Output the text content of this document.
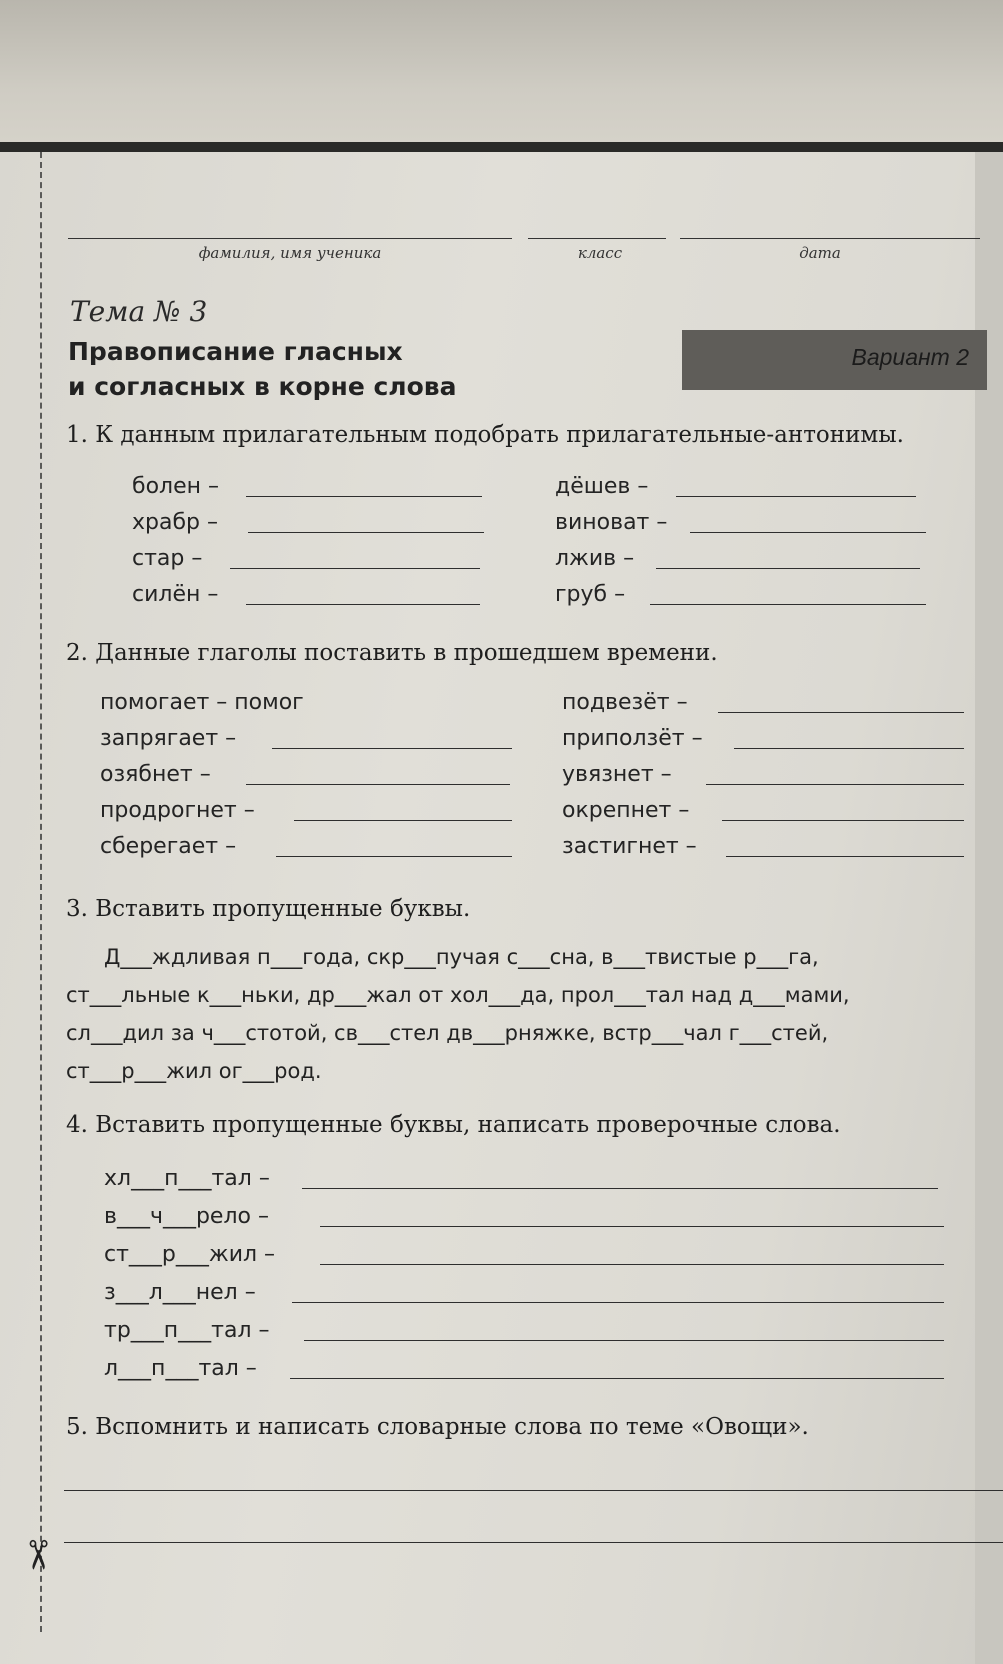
✂
фамилия, имя ученика	класс	дата
Тема № 3
Правописание гласных
и согласных в корне слова
Вариант 2
1. К данным прилагательным подобрать прилагательные-антонимы.
болен –
храбр –
стар –
силён –
дёшев –
виноват –
лжив –
груб –
2. Данные глаголы поставить в прошедшем времени.
помогает – помог
запрягает –
озябнет –
продрогнет –
сберегает –
подвезёт –
приползёт –
увязнет –
окрепнет –
застигнет –
3. Вставить пропущенные буквы.
Д___ждливая п___года, скр___пучая с___сна, в___твистые р___га,
ст___льные к___ньки, др___жал от хол___да, прол___тал над д___мами,
сл___дил за ч___стотой, св___стел дв___рняжке, встр___чал г___стей,
ст___р___жил ог___род.
4. Вставить пропущенные буквы, написать проверочные слова.
хл___п___тал –
в___ч___рело –
ст___р___жил –
з___л___нел –
тр___п___тал –
л___п___тал –
5. Вспомнить и написать словарные слова по теме «Овощи».
